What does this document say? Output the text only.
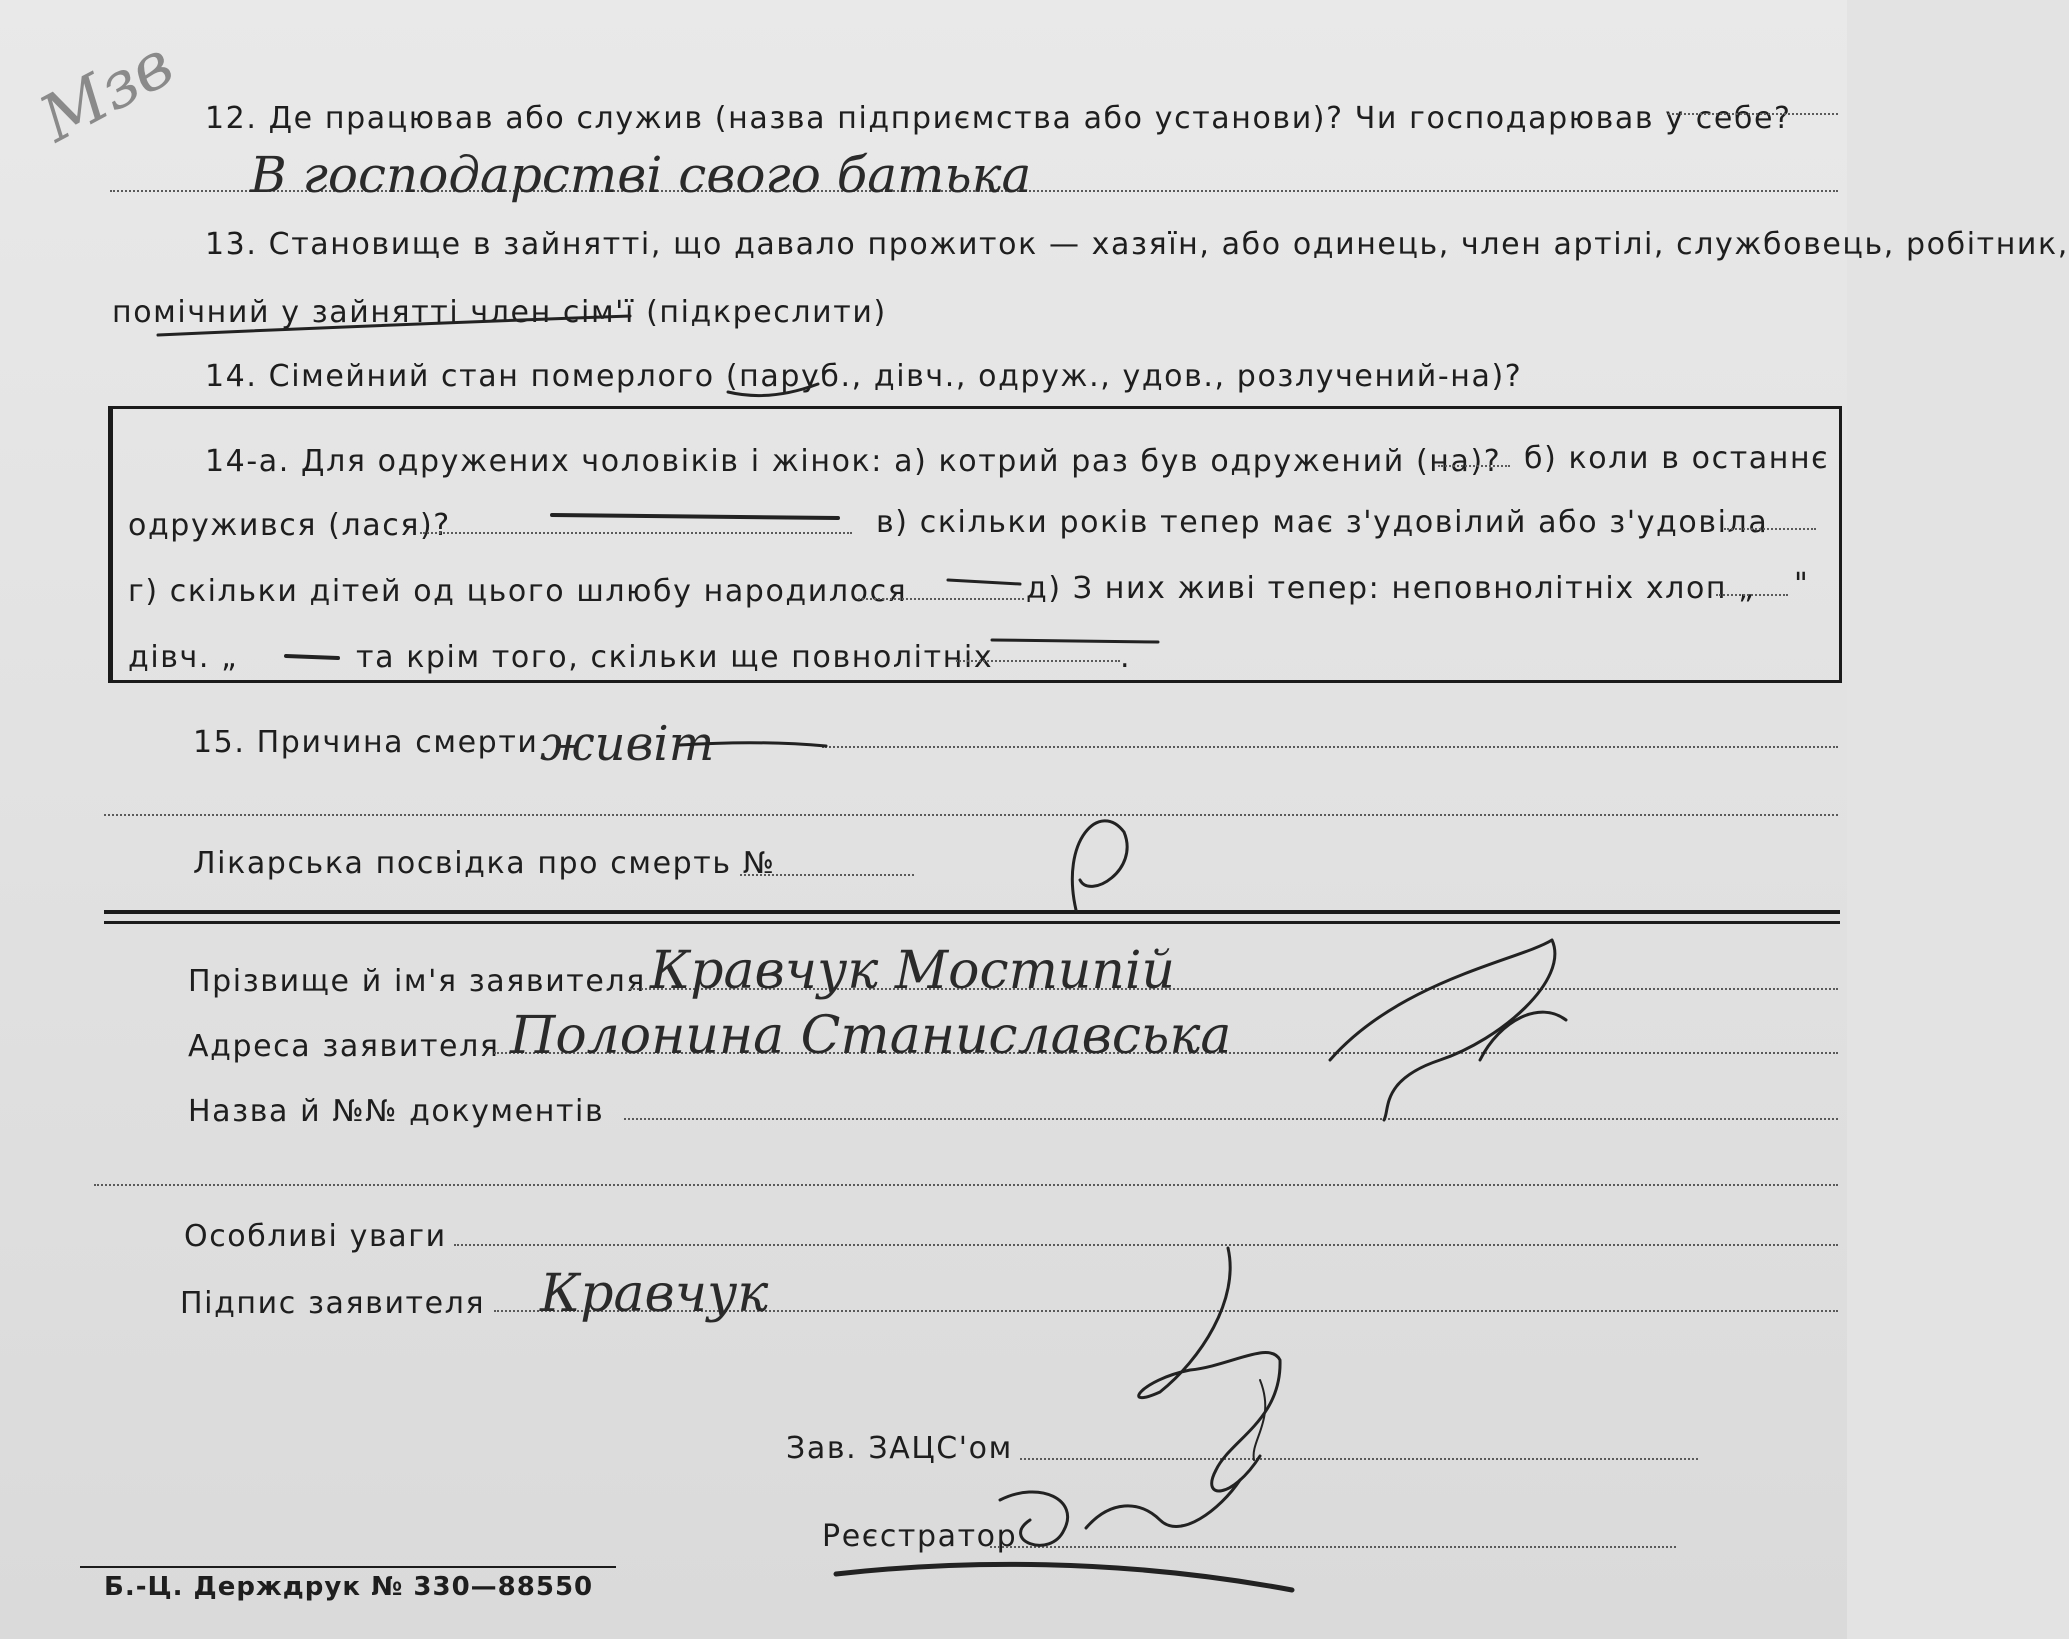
Мзв 12. Де працював або служив (назва підприємства або установи)? Чи господарював у себе?
В господарстві свого батька
13. Становище в зайнятті, що давало прожиток — хазяїн, або одинець, член артілі, службовець, робітник,
помічний у зайнятті член сім'ї (підкреслити)
14. Сімейний стан померлого (паруб., дівч., одруж., удов., розлучений-на)?
14-а. Для одружених чоловіків і жінок: а) котрий раз був одружений (на)? б) коли в останнє
одружився (лася)?	в) скільки років тепер має з'удовілий або з'удовіла
г) скільки дітей од цього шлюбу народилося	д) З них живі тепер: неповнолітніх хлоп „ "
дівч. „	та крім того, скільки ще повнолітніх	.
15. Причина смерти живіт
Лікарська посвідка про смерть №
Прізвище й ім'я заявителя Кравчук Мостипій
Адреса заявителя Полонина Станиславська
Назва й №№ документів
Особливі уваги
Підпис заявителя Кравчук
Зав. ЗАЦС'ом
Реєстратор
Б.-Ц. Держдрук № 330—88550
